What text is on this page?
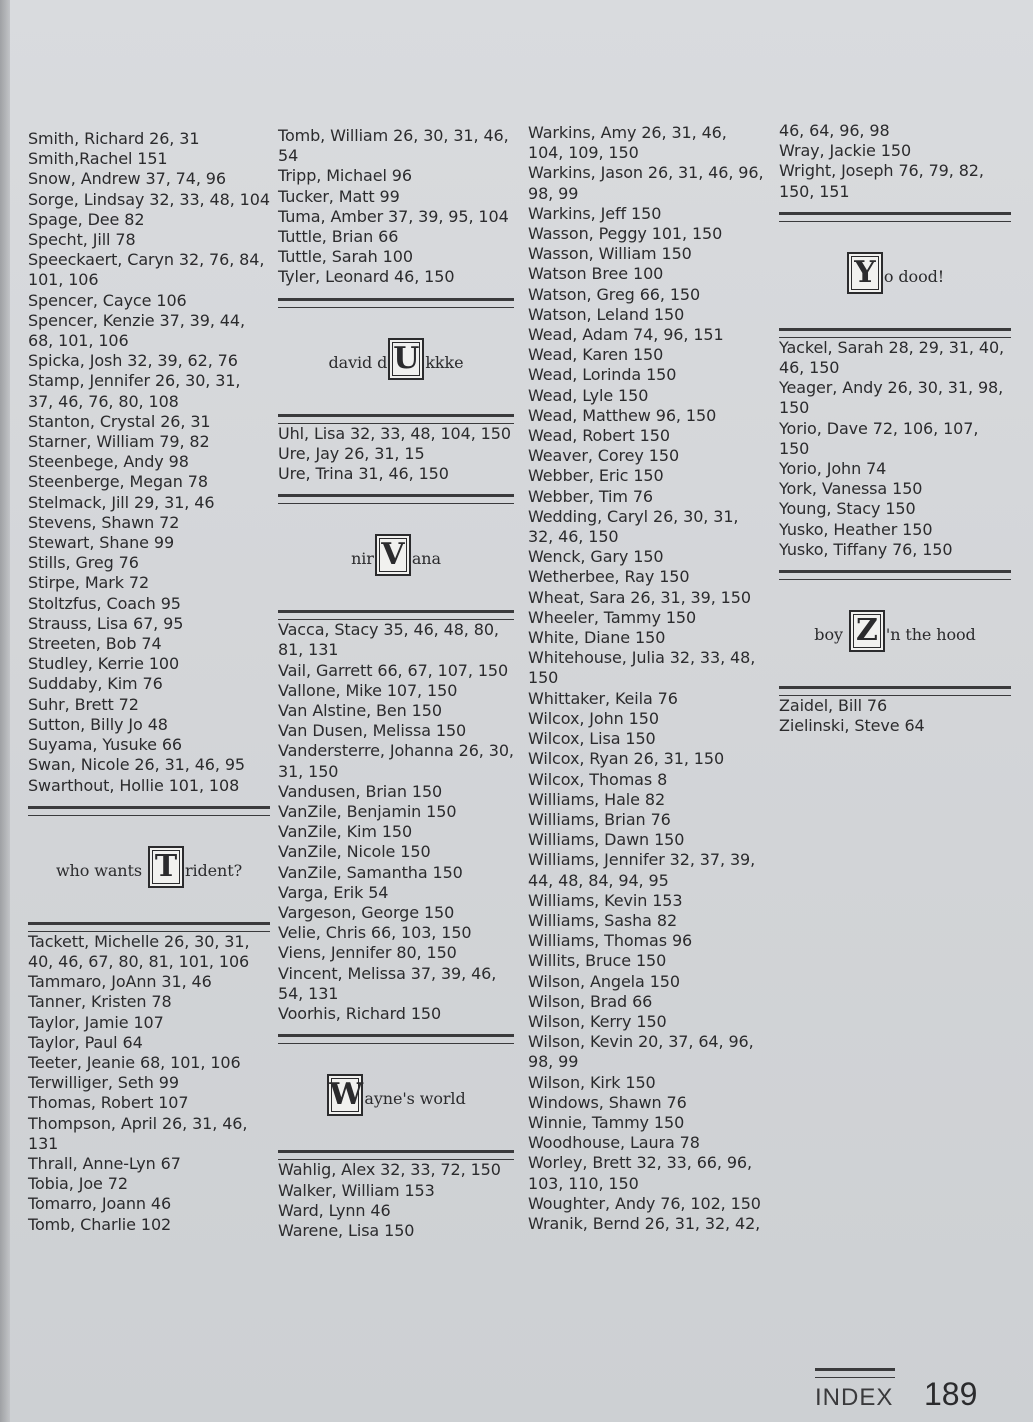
Smith, Richard 26, 31
Smith,Rachel 151
Snow, Andrew 37, 74, 96
Sorge, Lindsay 32, 33, 48, 104
Spage, Dee 82
Specht, Jill 78
Speeckaert, Caryn 32, 76, 84, 101, 106
Spencer, Cayce 106
Spencer, Kenzie 37, 39, 44, 68, 101, 106
Spicka, Josh 32, 39, 62, 76
Stamp, Jennifer 26, 30, 31, 37, 46, 76, 80, 108
Stanton, Crystal 26, 31
Starner, William 79, 82
Steenbege, Andy 98
Steenberge, Megan 78
Stelmack, Jill 29, 31, 46
Stevens, Shawn 72
Stewart, Shane 99
Stills, Greg 76
Stirpe, Mark 72
Stoltzfus, Coach 95
Strauss, Lisa 67, 95
Streeten, Bob 74
Studley, Kerrie 100
Suddaby, Kim 76
Suhr, Brett 72
Sutton, Billy Jo 48
Suyama, Yusuke 66
Swan, Nicole 26, 31, 46, 95
Swarthout, Hollie 101, 108
who wants T rident?
Tackett, Michelle 26, 30, 31, 40, 46, 67, 80, 81, 101, 106
Tammaro, JoAnn 31, 46
Tanner, Kristen 78
Taylor, Jamie 107
Taylor, Paul 64
Teeter, Jeanie 68, 101, 106
Terwilliger, Seth 99
Thomas, Robert 107
Thompson, April 26, 31, 46, 131
Thrall, Anne-Lyn 67
Tobia, Joe 72
Tomarro, Joann 46
Tomb, Charlie 102
Tomb, William 26, 30, 31, 46, 54
Tripp, Michael 96
Tucker, Matt 99
Tuma, Amber 37, 39, 95, 104
Tuttle, Brian 66
Tuttle, Sarah 100
Tyler, Leonard 46, 150
david d U kkke
Uhl, Lisa 32, 33, 48, 104, 150
Ure, Jay 26, 31, 15
Ure, Trina 31, 46, 150
nir V ana
Vacca, Stacy 35, 46, 48, 80, 81, 131
Vail, Garrett 66, 67, 107, 150
Vallone, Mike 107, 150
Van Alstine, Ben 150
Van Dusen, Melissa 150
Vandersterre, Johanna 26, 30, 31, 150
Vandusen, Brian 150
VanZile, Benjamin 150
VanZile, Kim 150
VanZile, Nicole 150
VanZile, Samantha 150
Varga, Erik 54
Vargeson, George 150
Velie, Chris 66, 103, 150
Viens, Jennifer 80, 150
Vincent, Melissa 37, 39, 46, 54, 131
Voorhis, Richard 150
Wayne's world
Wahlig, Alex 32, 33, 72, 150
Walker, William 153
Ward, Lynn 46
Warene, Lisa 150
Warkins, Amy 26, 31, 46, 104, 109, 150
Warkins, Jason 26, 31, 46, 96, 98, 99
Warkins, Jeff 150
Wasson, Peggy 101, 150
Wasson, William 150
Watson Bree 100
Watson, Greg 66, 150
Watson, Leland 150
Wead, Adam 74, 96, 151
Wead, Karen 150
Wead, Lorinda 150
Wead, Lyle 150
Wead, Matthew 96, 150
Wead, Robert 150
Weaver, Corey 150
Webber, Eric 150
Webber, Tim 76
Wedding, Caryl 26, 30, 31, 32, 46, 150
Wenck, Gary 150
Wetherbee, Ray 150
Wheat, Sara 26, 31, 39, 150
Wheeler, Tammy 150
White, Diane 150
Whitehouse, Julia 32, 33, 48, 150
Whittaker, Keila 76
Wilcox, John 150
Wilcox, Lisa 150
Wilcox, Ryan 26, 31, 150
Wilcox, Thomas 8
Williams, Hale 82
Williams, Brian 76
Williams, Dawn 150
Williams, Jennifer 32, 37, 39, 44, 48, 84, 94, 95
Williams, Kevin 153
Williams, Sasha 82
Williams, Thomas 96
Willits, Bruce 150
Wilson, Angela 150
Wilson, Brad 66
Wilson, Kerry 150
Wilson, Kevin 20, 37, 64, 96, 98, 99
Wilson, Kirk 150
Windows, Shawn 76
Winnie, Tammy 150
Woodhouse, Laura 78
Worley, Brett 32, 33, 66, 96, 103, 110, 150
Woughter, Andy 76, 102, 150
Wranik, Bernd 26, 31, 32, 42,
46, 64, 96, 98
Wray, Jackie 150
Wright, Joseph 76, 79, 82, 150, 151
Y o dood!
Yackel, Sarah 28, 29, 31, 40, 46, 150
Yeager, Andy 26, 30, 31, 98, 150
Yorio, Dave 72, 106, 107, 150
Yorio, John 74
York, Vanessa 150
Young, Stacy 150
Yusko, Heather 150
Yusko, Tiffany 76, 150
boy Z 'n the hood
Zaidel, Bill 76
Zielinski, Steve 64
INDEX 189
